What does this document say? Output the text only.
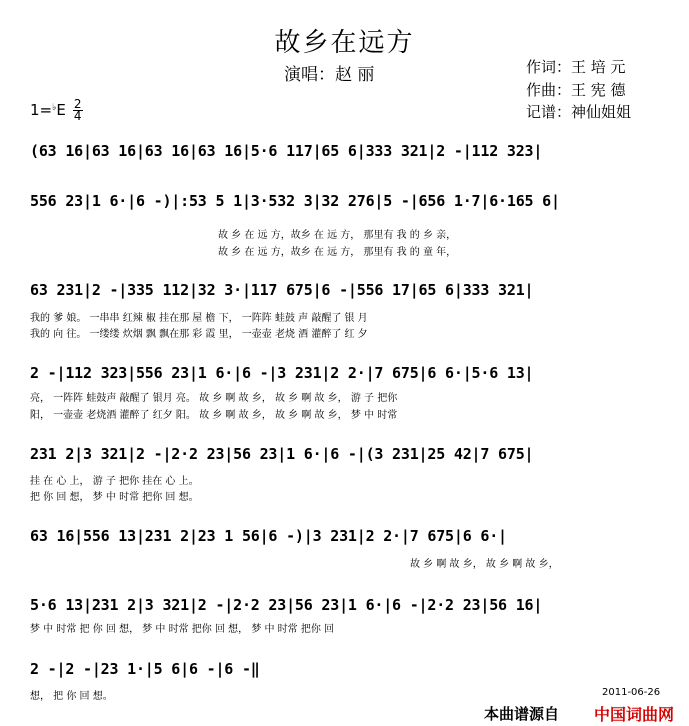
故乡在远方
演唱：赵 丽	作词：王 培 元
作曲：王 宪 德
记谱：神仙姐姐
$1=^♭E \frac{2}{4}$
(63 16|63 16|63 16|63 16|5·6 117|65 6|333 321|2 -|112 323|
556 23|1 6·|6 -)|:53 5 1|3·532 3|32 276|5 -|656 1·7|6·165 6|
故 乡 在 远 方，故乡 在 远 方， 那里有 我 的 乡 亲，
故 乡 在 远 方，故乡 在 远 方， 那里有 我 的 童 年，
63 231|2 -|335 112|32 3·|117 675|6 -|556 17|65 6|333 321|
我的 爹 娘。 一串串 红辣 椒 挂在那 屋 檐 下， 一阵阵 蛙鼓 声 敲醒了 银 月
我的 向 往。 一缕缕 炊烟 飘 飘在那 彩 霞 里， 一壶壶 老烧 酒 灌醉了 红 夕
2 -|112 323|556 23|1 6·|6 -|3 231|2 2·|7 675|6 6·|5·6 13|
亮， 一阵阵 蛙鼓声 敲醒了 银月 亮。 故 乡 啊 故 乡， 故 乡 啊 故 乡， 游 子 把你
阳， 一壶壶 老烧酒 灌醉了 红夕 阳。 故 乡 啊 故 乡， 故 乡 啊 故 乡， 梦 中 时常
231 2|3 321|2 -|2·2 23|56 23|1 6·|6 -|(3 231|25 42|7 675|
挂 在 心 上， 游 子 把你 挂在 心 上。
把 你 回 想， 梦 中 时常 把你 回 想。
63 16|556 13|231 2|23 1 56|6 -)|3 231|2 2·|7 675|6 6·|
故 乡 啊 故 乡， 故 乡 啊 故 乡，
5·6 13|231 2|3 321|2 -|2·2 23|56 23|1 6·|6 -|2·2 23|56 16|
梦 中 时常 把 你 回 想， 梦 中 时常 把你 回 想， 梦 中 时常 把你 回
2 -|2 -|23 1·|5 6|6 -|6 -‖
想， 把 你 回 想。	2011-06-26
本曲谱源自 中国词曲网
